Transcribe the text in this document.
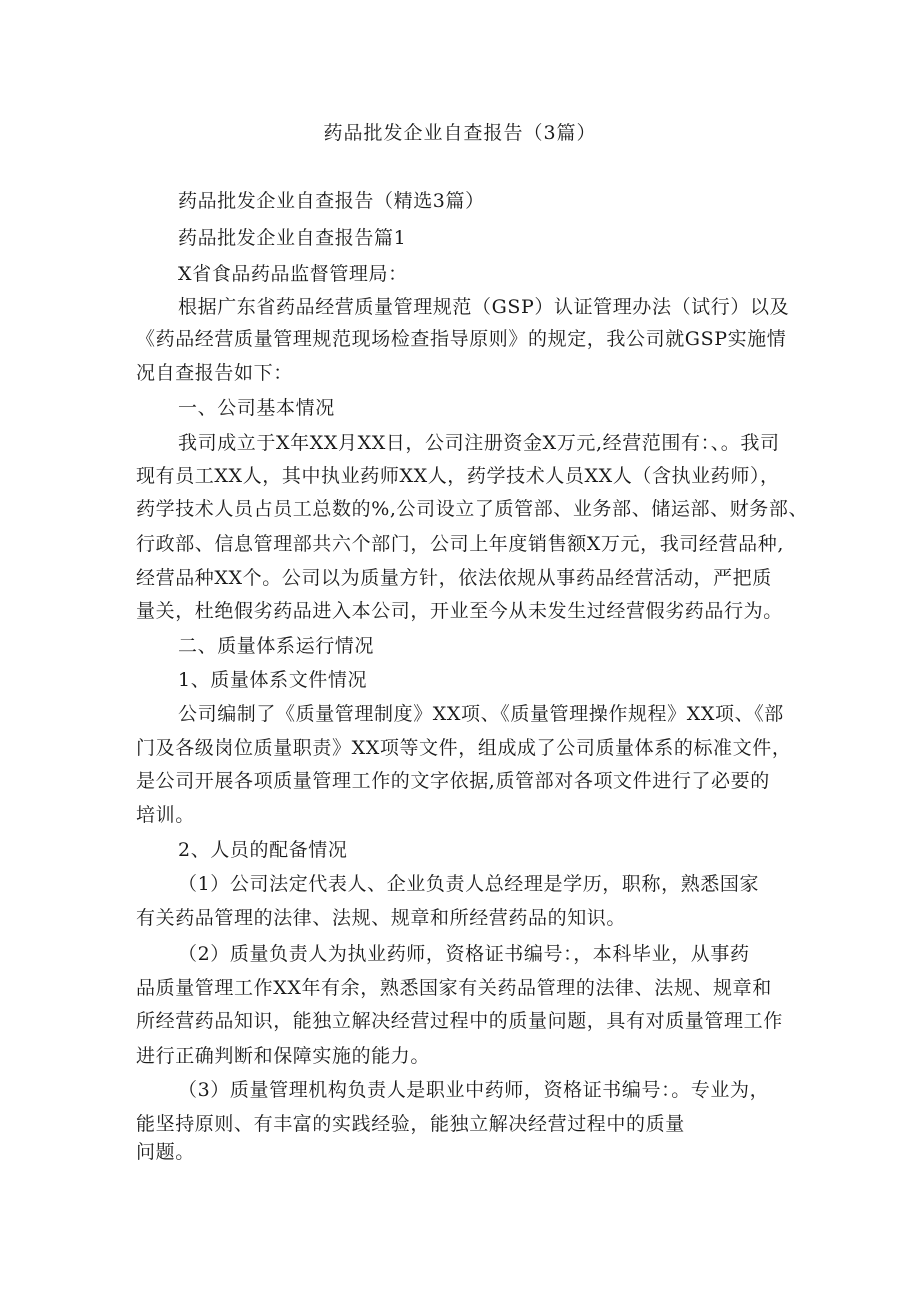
药品批发企业自查报告（3篇）
药品批发企业自查报告（精选3篇）
药品批发企业自查报告篇1
X省食品药品监督管理局：
根据广东省药品经营质量管理规范（GSP）认证管理办法（试行）以及
《药品经营质量管理规范现场检查指导原则》的规定，我公司就GSP实施情
况自查报告如下：
一、公司基本情况
我司成立于X年XX月XX日，公司注册资金X万元,经营范围有：、。我司
现有员工XX人，其中执业药师XX人，药学技术人员XX人（含执业药师），
药学技术人员占员工总数的%,公司设立了质管部、业务部、储运部、财务部、
行政部、信息管理部共六个部门，公司上年度销售额X万元，我司经营品种,
经营品种XX个。公司以为质量方针，依法依规从事药品经营活动，严把质
量关，杜绝假劣药品进入本公司，开业至今从未发生过经营假劣药品行为。
二、质量体系运行情况
1、质量体系文件情况
公司编制了《质量管理制度》XX项、《质量管理操作规程》XX项、《部
门及各级岗位质量职责》XX项等文件，组成成了公司质量体系的标准文件，
是公司开展各项质量管理工作的文字依据,质管部对各项文件进行了必要的
培训。
2、人员的配备情况
（1）公司法定代表人、企业负责人总经理是学历，职称，熟悉国家
有关药品管理的法律、法规、规章和所经营药品的知识。
（2）质量负责人为执业药师，资格证书编号：，本科毕业，从事药
品质量管理工作XX年有余，熟悉国家有关药品管理的法律、法规、规章和
所经营药品知识，能独立解决经营过程中的质量问题，具有对质量管理工作
进行正确判断和保障实施的能力。
（3）质量管理机构负责人是职业中药师，资格证书编号：。专业为，
能坚持原则、有丰富的实践经验，能独立解决经营过程中的质量
问题。
